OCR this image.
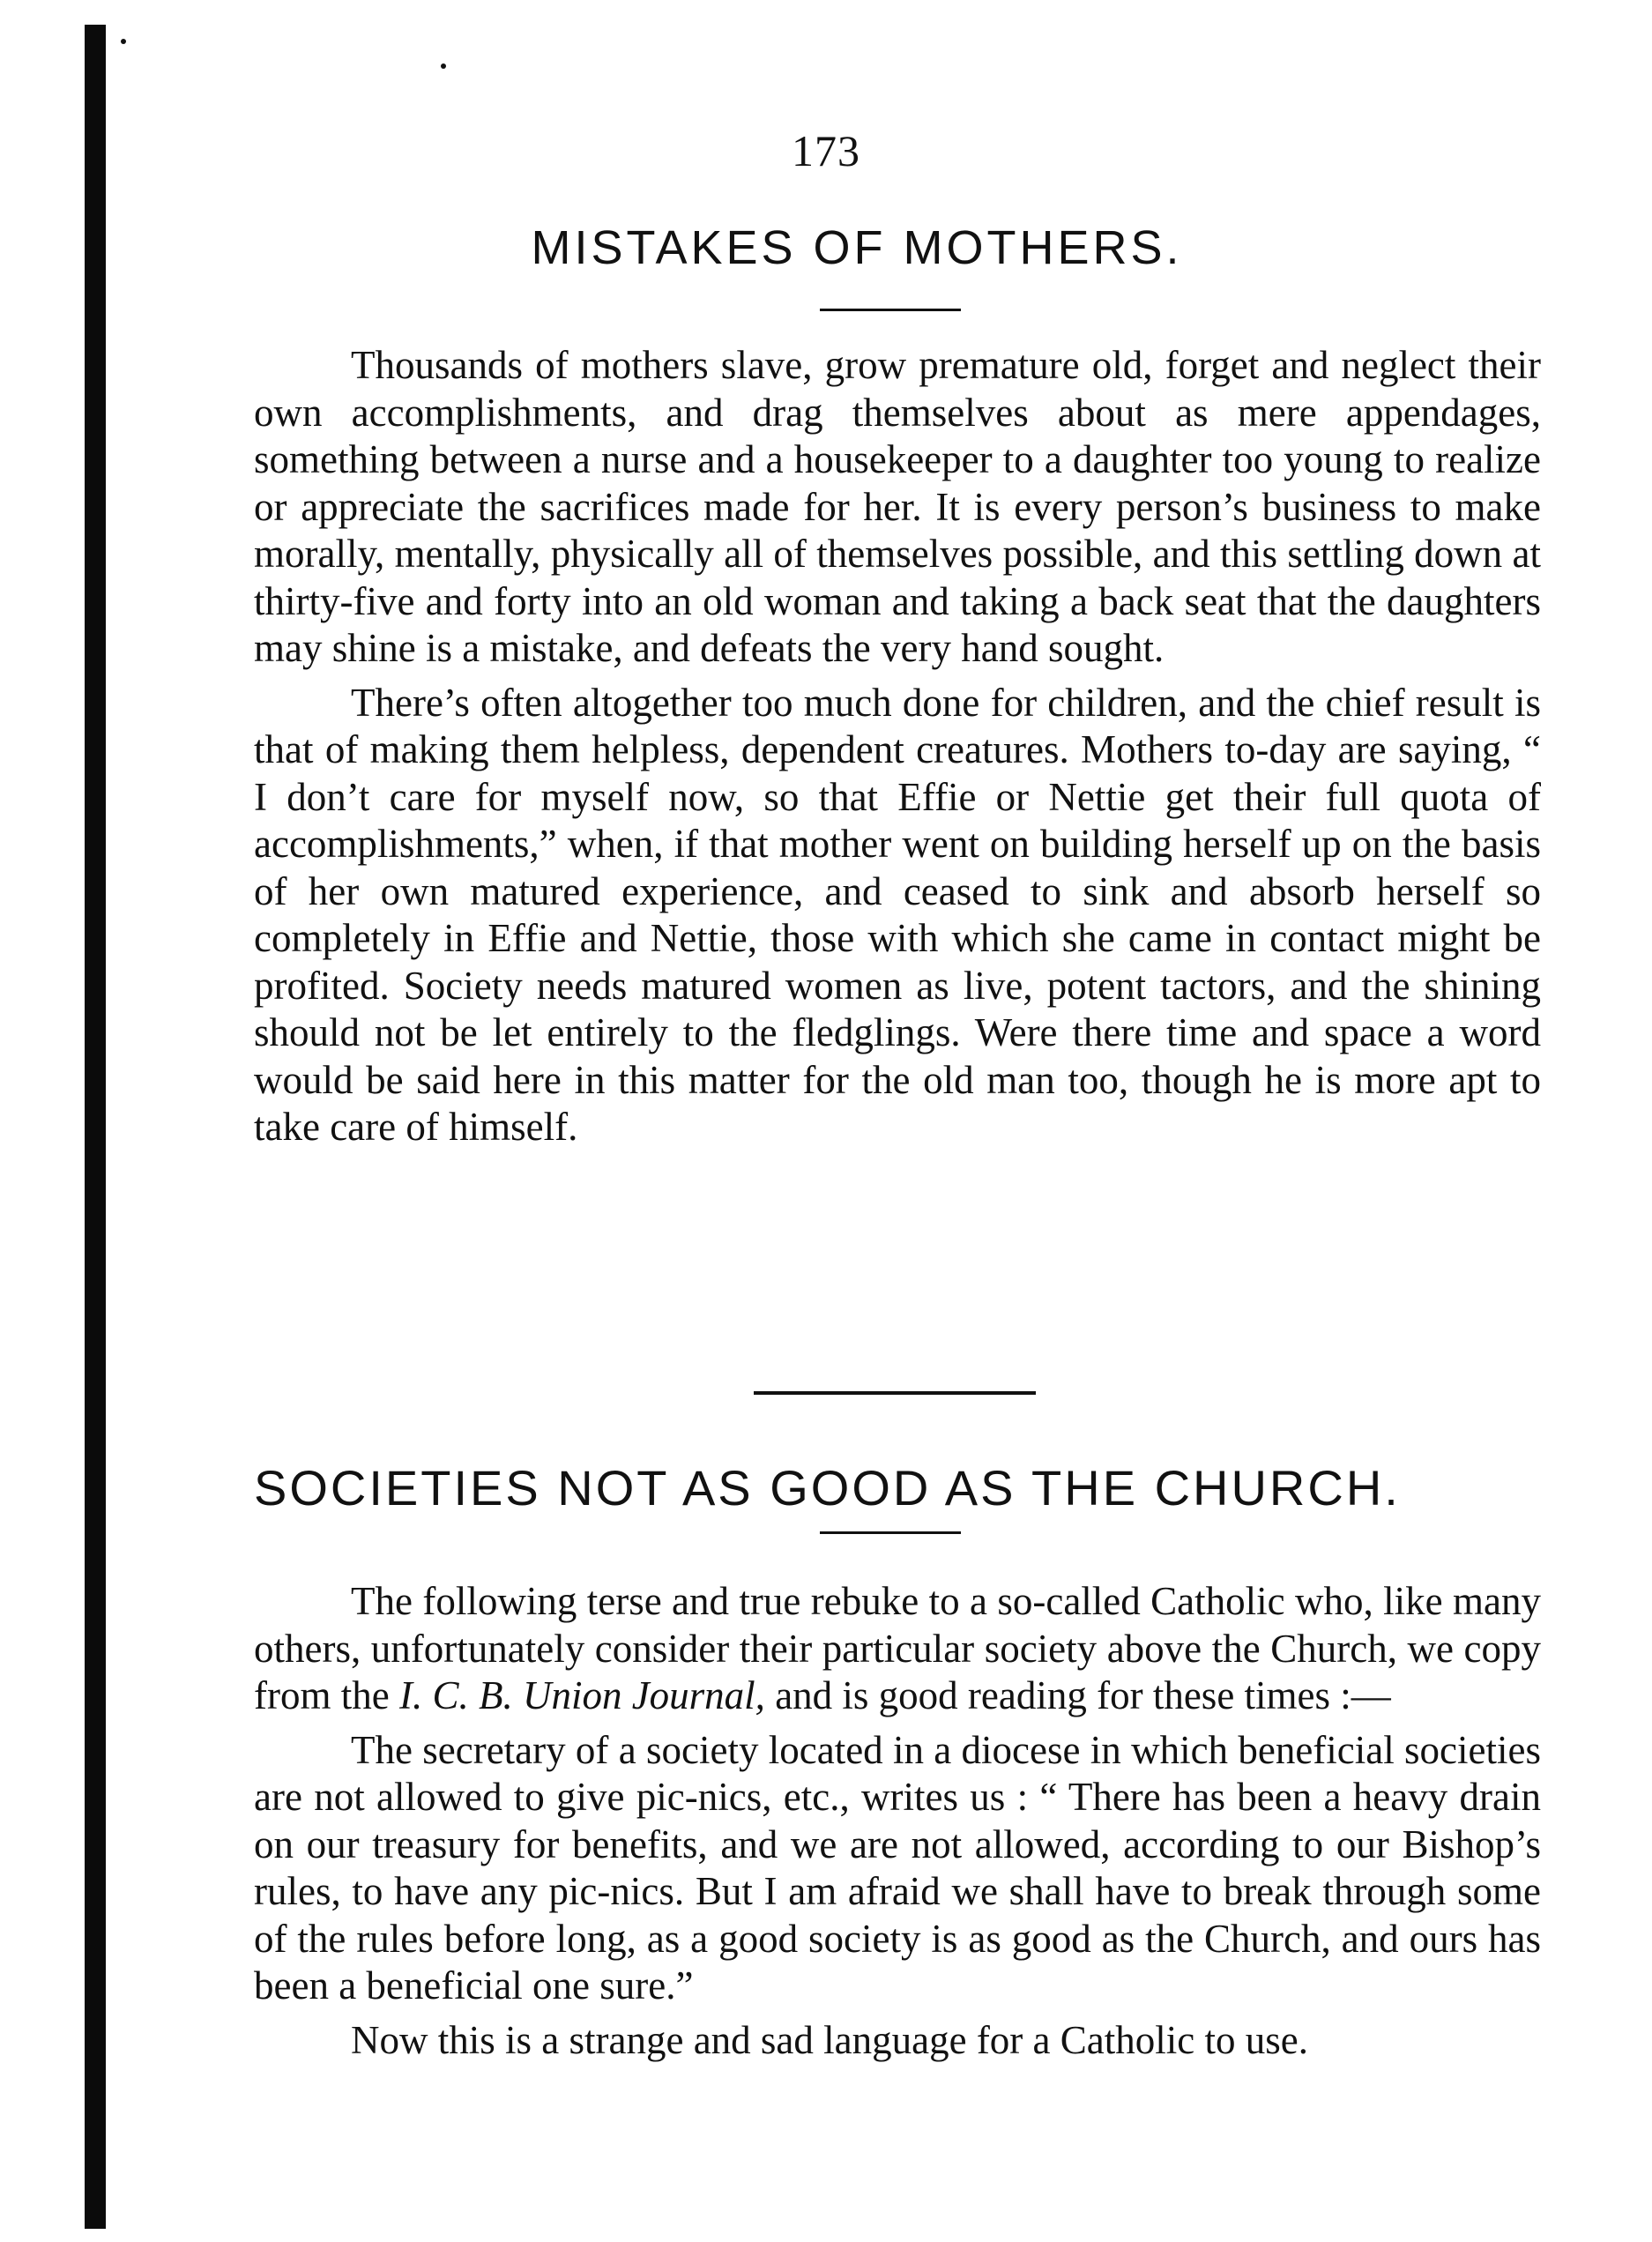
173
MISTAKES OF MOTHERS.

Thousands of mothers slave, grow premature old, forget and neglect their own accomplishments, and drag themselves about as mere appendages, something between a nurse and a housekeeper to a daughter too young to realize or appreciate the sacrifices made for her. It is every person’s business to make morally, mentally, physically all of themselves possible, and this settling down at thirty-five and forty into an old woman and taking a back seat that the daughters may shine is a mistake, and defeats the very hand sought.

There’s often altogether too much done for children, and the chief result is that of making them helpless, dependent creatures. Mothers to-day are saying, “ I don’t care for myself now, so that Effie or Nettie get their full quota of accomplishments,” when, if that mother went on building herself up on the basis of her own matured experience, and ceased to sink and absorb herself so completely in Effie and Nettie, those with which she came in contact might be profited. Society needs matured women as live, potent tactors, and the shining should not be let entirely to the fledglings. Were there time and space a word would be said here in this matter for the old man too, though he is more apt to take care of himself.

SOCIETIES NOT AS GOOD AS THE CHURCH.

The following terse and true rebuke to a so-called Catholic who, like many others, unfortunately consider their particular society above the Church, we copy from the I. C. B. Union Journal, and is good reading for these times :—

The secretary of a society located in a diocese in which beneficial societies are not allowed to give pic-nics, etc., writes us : “ There has been a heavy drain on our treasury for benefits, and we are not allowed, according to our Bishop’s rules, to have any pic-nics. But I am afraid we shall have to break through some of the rules before long, as a good society is as good as the Church, and ours has been a beneficial one sure.”

Now this is a strange and sad language for a Catholic to use.
